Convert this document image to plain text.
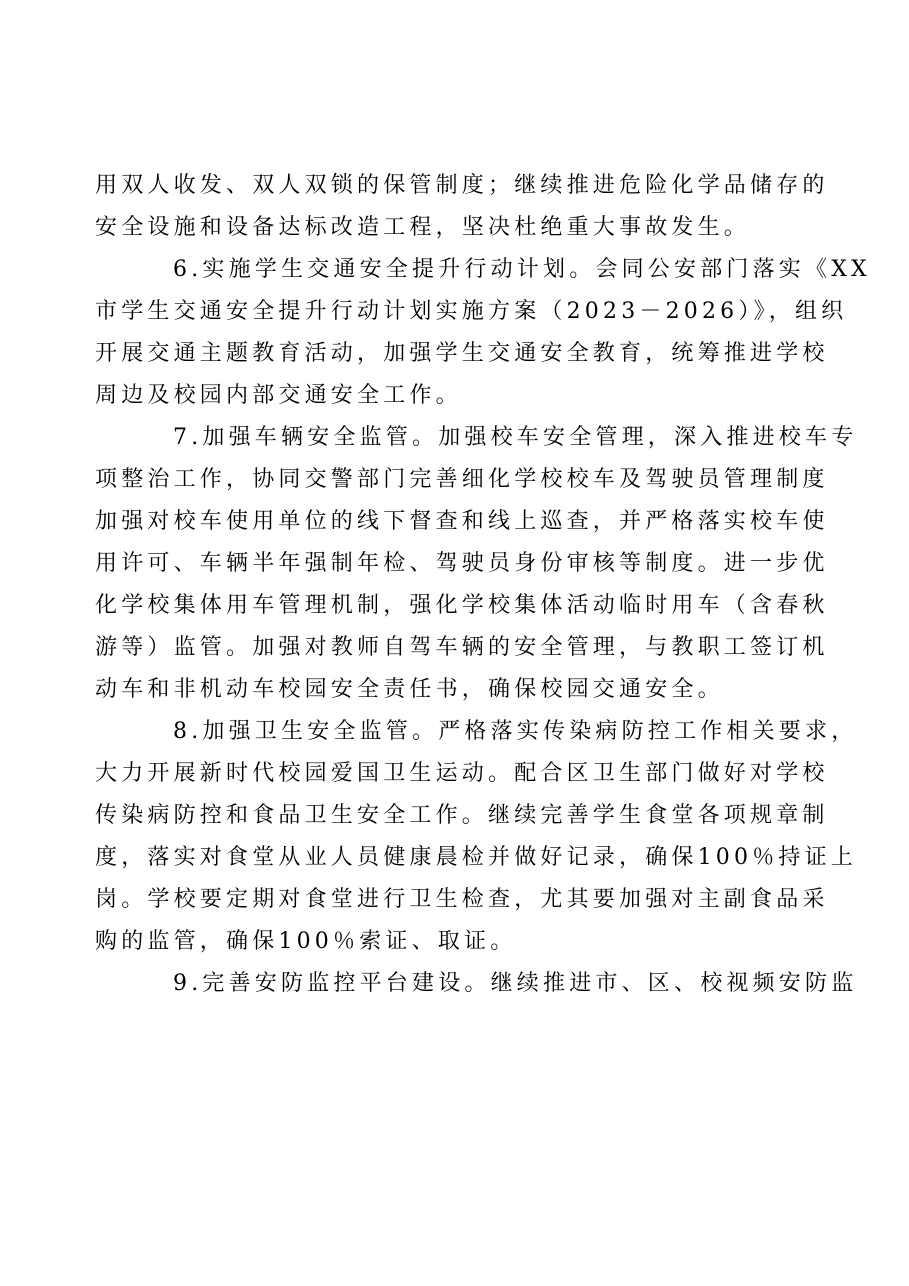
用双人收发、双人双锁的保管制度；继续推进危险化学品储存的
安全设施和设备达标改造工程，坚决杜绝重大事故发生。
6.实施学生交通安全提升行动计划。会同公安部门落实《XX
市学生交通安全提升行动计划实施方案（2023－2026）》，组织
开展交通主题教育活动，加强学生交通安全教育，统筹推进学校
周边及校园内部交通安全工作。
7.加强车辆安全监管。加强校车安全管理，深入推进校车专
项整治工作，协同交警部门完善细化学校校车及驾驶员管理制度
加强对校车使用单位的线下督查和线上巡查，并严格落实校车使
用许可、车辆半年强制年检、驾驶员身份审核等制度。进一步优
化学校集体用车管理机制，强化学校集体活动临时用车（含春秋
游等）监管。加强对教师自驾车辆的安全管理，与教职工签订机
动车和非机动车校园安全责任书，确保校园交通安全。
8.加强卫生安全监管。严格落实传染病防控工作相关要求，
大力开展新时代校园爱国卫生运动。配合区卫生部门做好对学校
传染病防控和食品卫生安全工作。继续完善学生食堂各项规章制
度，落实对食堂从业人员健康晨检并做好记录，确保100％持证上
岗。学校要定期对食堂进行卫生检查，尤其要加强对主副食品采
购的监管，确保100％索证、取证。
9.完善安防监控平台建设。继续推进市、区、校视频安防监
